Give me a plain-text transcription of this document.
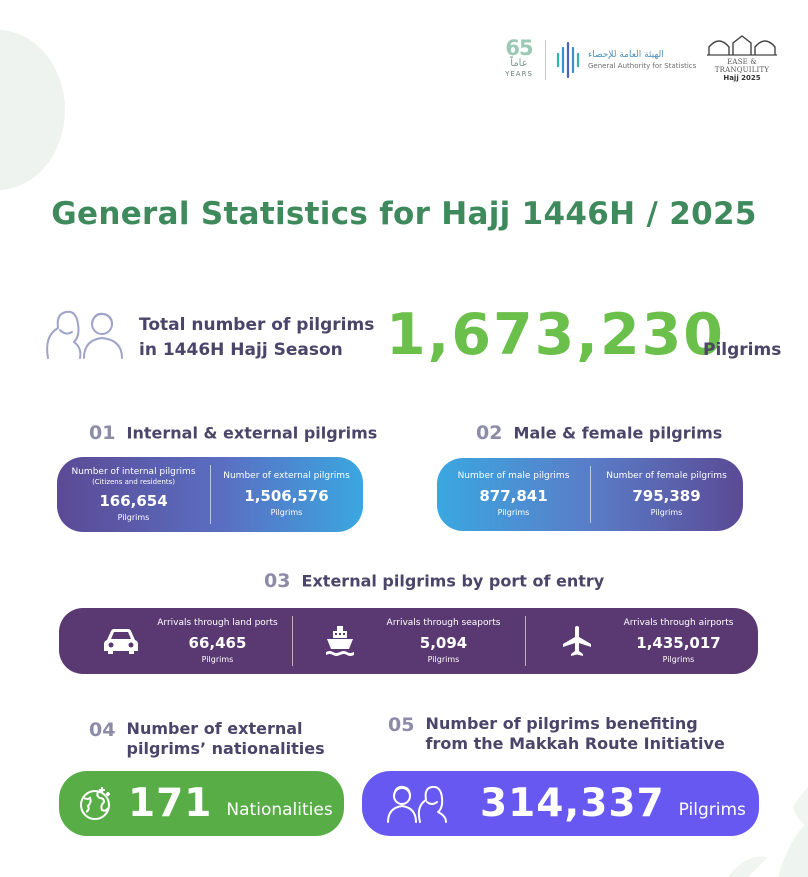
65
عاماً
YEARS
الهيئة العامة للإحصاء
General Authority for Statistics	EASE & TRANQUILITY
Hajj 2025
General Statistics for Hajj 1446H / 2025
Total number of pilgrims
in 1446H Hajj Season 1,673,230
Pilgrims
01 Internal & external pilgrims
Number of internal pilgrims
(Citizens and residents)
166,654
Pilgrims
Number of external pilgrims
1,506,576
Pilgrims
02 Male & female pilgrims
Number of male pilgrims
877,841
Pilgrims
Number of female pilgrims
795,389
Pilgrims
03 External pilgrims by port of entry
Arrivals through land ports
66,465
Pilgrims
Arrivals through seaports
5,094
Pilgrims
Arrivals through airports
1,435,017
Pilgrims
04 Number of external
pilgrims’ nationalities
171 Nationalities
05 Number of pilgrims benefiting
from the Makkah Route Initiative
314,337 Pilgrims
